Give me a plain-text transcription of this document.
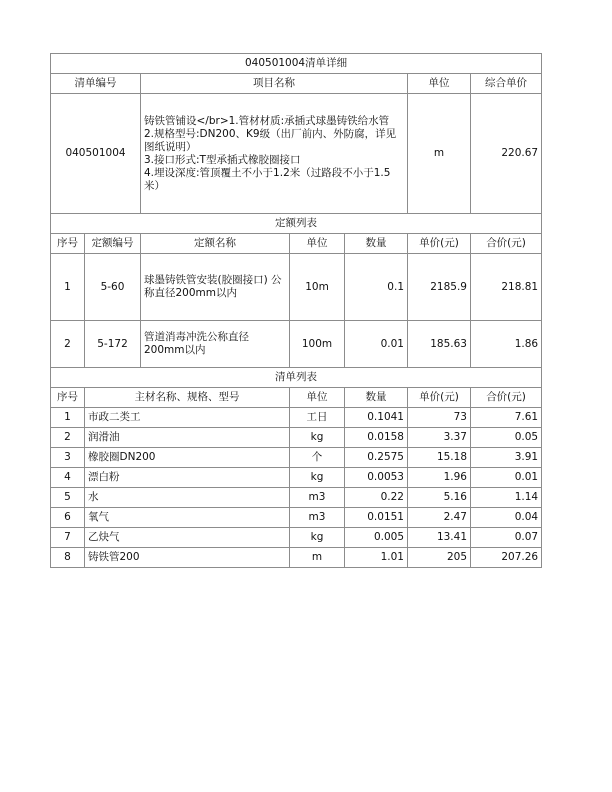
040501004清单详细						
清单编号		项目名称			单位	综合单价
040501004		铸铁管铺设</br>1.管材材质:承插式球墨铸铁给水管
2.规格型号:DN200、K9级（出厂前内、外防腐，详见图纸说明）
3.接口形式:T型承插式橡胶圈接口
4.埋设深度:管顶覆土不小于1.2米（过路段不小于1.5米）			m	220.67
定额列表						
序号	定额编号	定额名称	单位	数量	单价(元)	合价(元)
1	5-60	球墨铸铁管安装(胶圈接口) 公称直径200mm以内	10m	0.1	2185.9	218.81
2	5-172	管道消毒冲洗公称直径200mm以内	100m	0.01	185.63	1.86
清单列表						
序号	主材名称、规格、型号		单位	数量	单价(元)	合价(元)
1	市政二类工		工日	0.1041	73	7.61
2	润滑油		kg	0.0158	3.37	0.05
3	橡胶圈DN200		个	0.2575	15.18	3.91
4	漂白粉		kg	0.0053	1.96	0.01
5	水		m3	0.22	5.16	1.14
6	氧气		m3	0.0151	2.47	0.04
7	乙炔气		kg	0.005	13.41	0.07
8	铸铁管200		m	1.01	205	207.26
